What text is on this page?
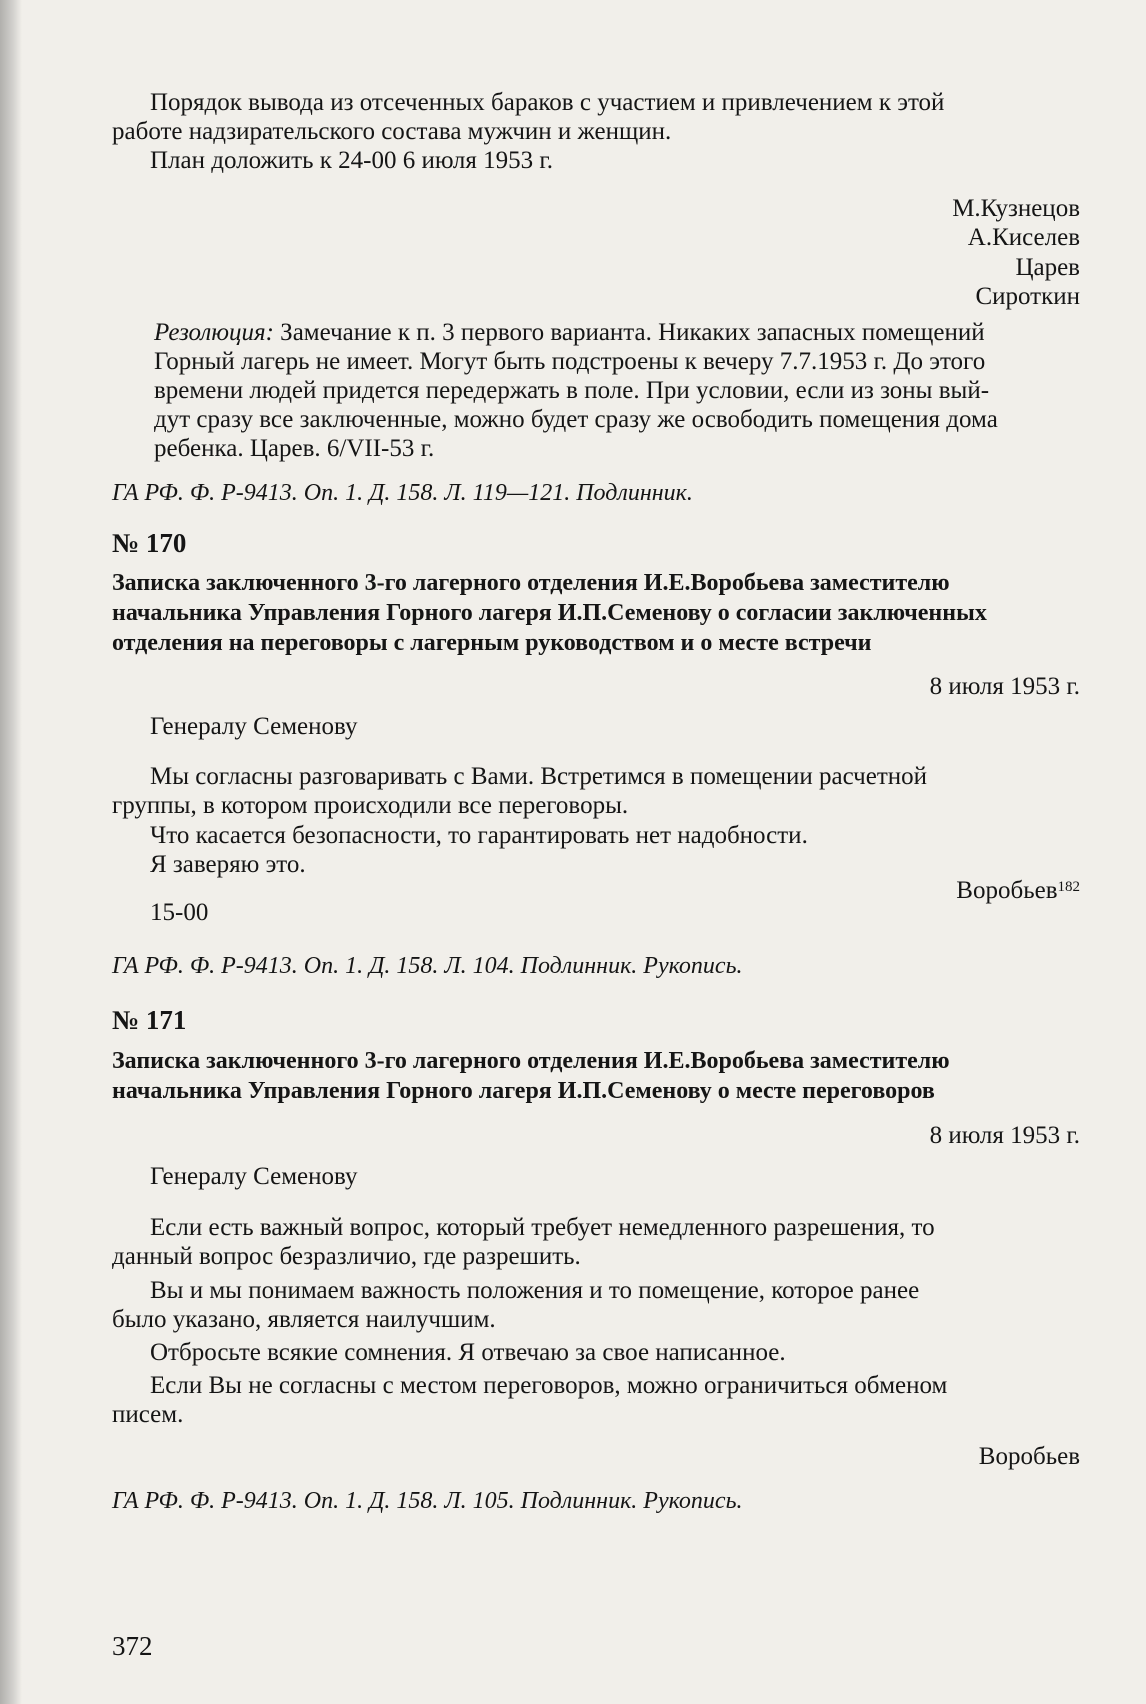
Порядок вывода из отсеченных бараков с участием и привлечением к этой
работе надзирательского состава мужчин и женщин.
План доложить к 24-00 6 июля 1953 г.
М.Кузнецов
А.Киселев
Царев
Сироткин
Резолюция: Замечание к п. 3 первого варианта. Никаких запасных помещений
Горный лагерь не имеет. Могут быть подстроены к вечеру 7.7.1953 г. До этого
времени людей придется передержать в поле. При условии, если из зоны вый-
дут сразу все заключенные, можно будет сразу же освободить помещения дома
ребенка. Царев. 6/VII-53 г.
ГА РФ. Ф. Р-9413. Оп. 1. Д. 158. Л. 119—121. Подлинник.
№ 170
Записка заключенного 3-го лагерного отделения И.Е.Воробьева заместителю
начальника Управления Горного лагеря И.П.Семенову о согласии заключенных
отделения на переговоры с лагерным руководством и о месте встречи
8 июля 1953 г.
Генералу Семенову
Мы согласны разговаривать с Вами. Встретимся в помещении расчетной
группы, в котором происходили все переговоры.
Что касается безопасности, то гарантировать нет надобности.
Я заверяю это.
Воробьев$^{182}$
15-00
ГА РФ. Ф. Р-9413. Оп. 1. Д. 158. Л. 104. Подлинник. Рукопись.
№ 171
Записка заключенного 3-го лагерного отделения И.Е.Воробьева заместителю
начальника Управления Горного лагеря И.П.Семенову о месте переговоров
8 июля 1953 г.
Генералу Семенову
Если есть важный вопрос, который требует немедленного разрешения, то
данный вопрос безразличио, где разрешить.
Вы и мы понимаем важность положения и то помещение, которое ранее
было указано, является наилучшим.
Отбросьте всякие сомнения. Я отвечаю за свое написанное.
Если Вы не согласны с местом переговоров, можно ограничиться обменом
писем.
Воробьев
ГА РФ. Ф. Р-9413. Оп. 1. Д. 158. Л. 105. Подлинник. Рукопись.
372
